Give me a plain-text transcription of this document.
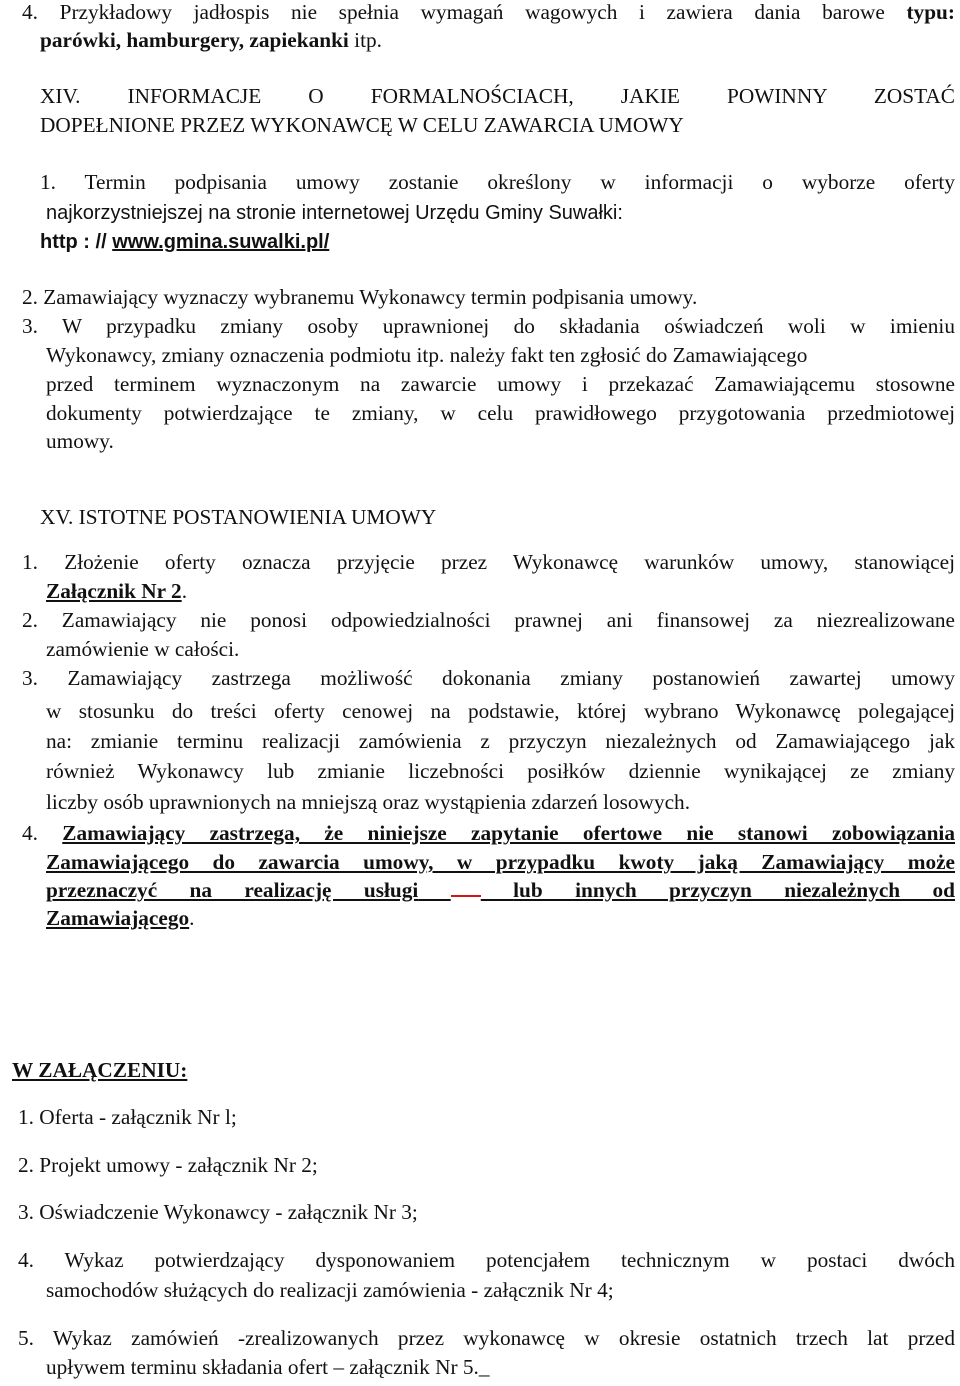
4. Przykładowy jadłospis nie spełnia wymagań wagowych i zawiera dania barowe typu:
parówki, hamburgery, zapiekanki itp.
XIV. INFORMACJE O FORMALNOŚCIACH, JAKIE POWINNY ZOSTAĆ
DOPEŁNIONE PRZEZ WYKONAWCĘ W CELU ZAWARCIA UMOWY
1. Termin podpisania umowy zostanie określony w informacji o wyborze oferty
najkorzystniejszej na stronie internetowej Urzędu Gminy Suwałki:
http : // www.gmina.suwalki.pl/
2. Zamawiający wyznaczy wybranemu Wykonawcy termin podpisania umowy.
3. W przypadku zmiany osoby uprawnionej do składania oświadczeń woli w imieniu
Wykonawcy, zmiany oznaczenia podmiotu itp. należy fakt ten zgłosić do Zamawiającego
przed terminem wyznaczonym na zawarcie umowy i przekazać Zamawiającemu stosowne
dokumenty potwierdzające te zmiany, w celu prawidłowego przygotowania przedmiotowej
umowy.
XV. ISTOTNE POSTANOWIENIA UMOWY
1. Złożenie oferty oznacza przyjęcie przez Wykonawcę warunków umowy, stanowiącej
Załącznik Nr 2.
2. Zamawiający nie ponosi odpowiedzialności prawnej ani finansowej za niezrealizowane
zamówienie w całości.
3. Zamawiający zastrzega możliwość dokonania zmiany postanowień zawartej umowy
w stosunku do treści oferty cenowej na podstawie, której wybrano Wykonawcę polegającej
na: zmianie terminu realizacji zamówienia z przyczyn niezależnych od Zamawiającego jak
również Wykonawcy lub zmianie liczebności posiłków dziennie wynikającej ze zmiany
liczby osób uprawnionych na mniejszą oraz wystąpienia zdarzeń losowych.
4. Zamawiający zastrzega, że niniejsze zapytanie ofertowe nie stanowi zobowiązania
Zamawiającego do zawarcia umowy, w przypadku kwoty jaką Zamawiający może
przeznaczyć na realizację usługi	lub innych przyczyn niezależnych od
Zamawiającego.
W ZAŁĄCZENIU:
1. Oferta - załącznik Nr l;
2. Projekt umowy - załącznik Nr 2;
3. Oświadczenie Wykonawcy - załącznik Nr 3;
4. Wykaz potwierdzający dysponowaniem potencjałem technicznym w postaci dwóch
samochodów służących do realizacji zamówienia - załącznik Nr 4;
5. Wykaz zamówień -zrealizowanych przez wykonawcę w okresie ostatnich trzech lat przed
upływem terminu składania ofert – załącznik Nr 5._
